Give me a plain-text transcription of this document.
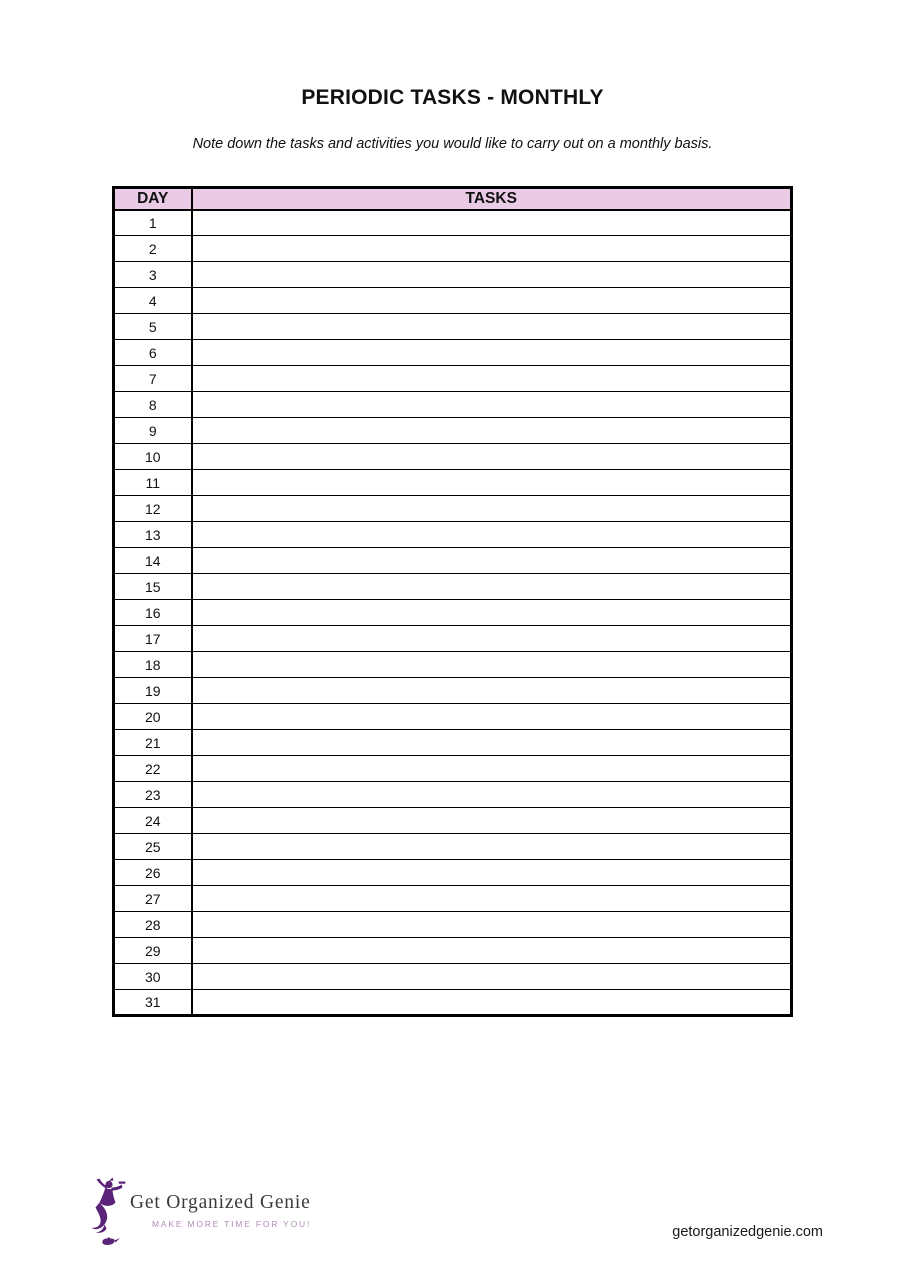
PERIODIC TASKS - MONTHLY
Note down the tasks and activities you would like to carry out on a monthly basis.
DAY	TASKS
1	
2	
3	
4	
5	
6	
7	
8	
9	
10	
11	
12	
13	
14	
15	
16	
17	
18	
19	
20	
21	
22	
23	
24	
25	
26	
27	
28	
29	
30	
31	
Get Organized Genie
MAKE MORE TIME FOR YOU!	getorganizedgenie.com
